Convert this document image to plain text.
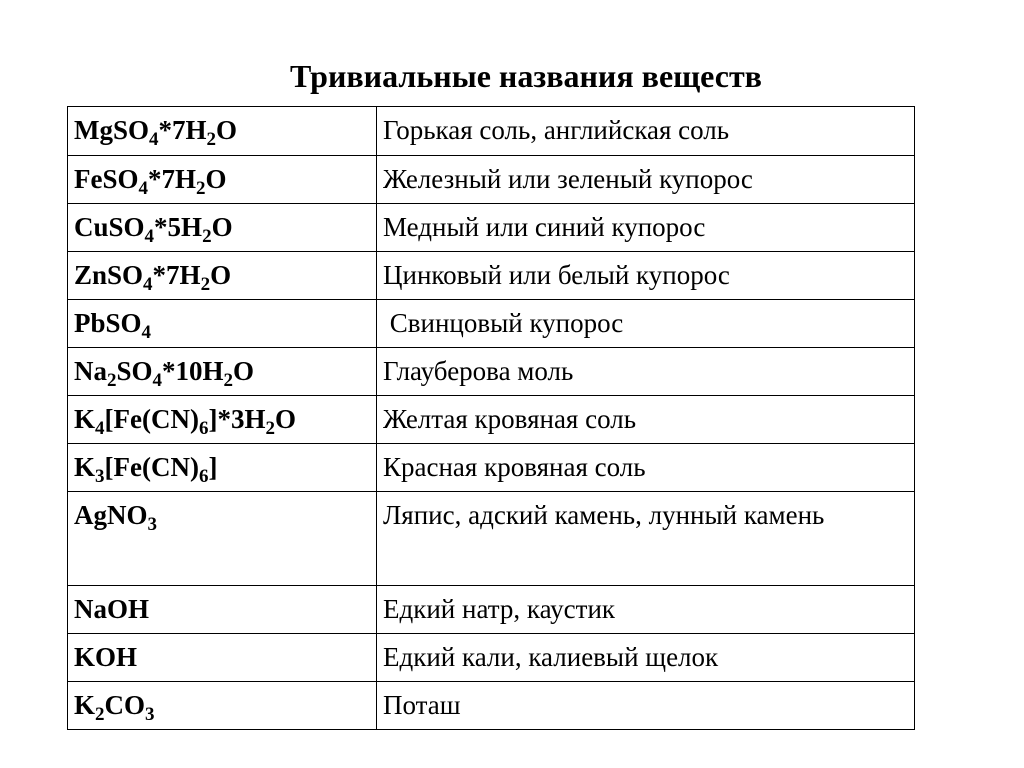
Тривиальные названия веществ
$MgSO_4*7H_2O$	Горькая соль, английская соль
$FeSO_4*7H_2O$	Железный или зеленый купорос
$CuSO_4*5H_2O$	Медный или синий купорос
$ZnSO_4*7H_2O$	Цинковый или белый купорос
PbSO$_4$	Свинцовый купорос
$Na_2SO_4*10H_2O$	Глауберова моль
$K_4[Fe(CN)_6]*3H_2O$	Желтая кровяная соль
$K_3[Fe(CN)_6]$	Красная кровяная соль
AgNO$_3$	Ляпис, адский камень, лунный камень
NaOH	Едкий натр, каустик
KOH	Едкий кали, калиевый щелок
$K_2CO_3$	Поташ
